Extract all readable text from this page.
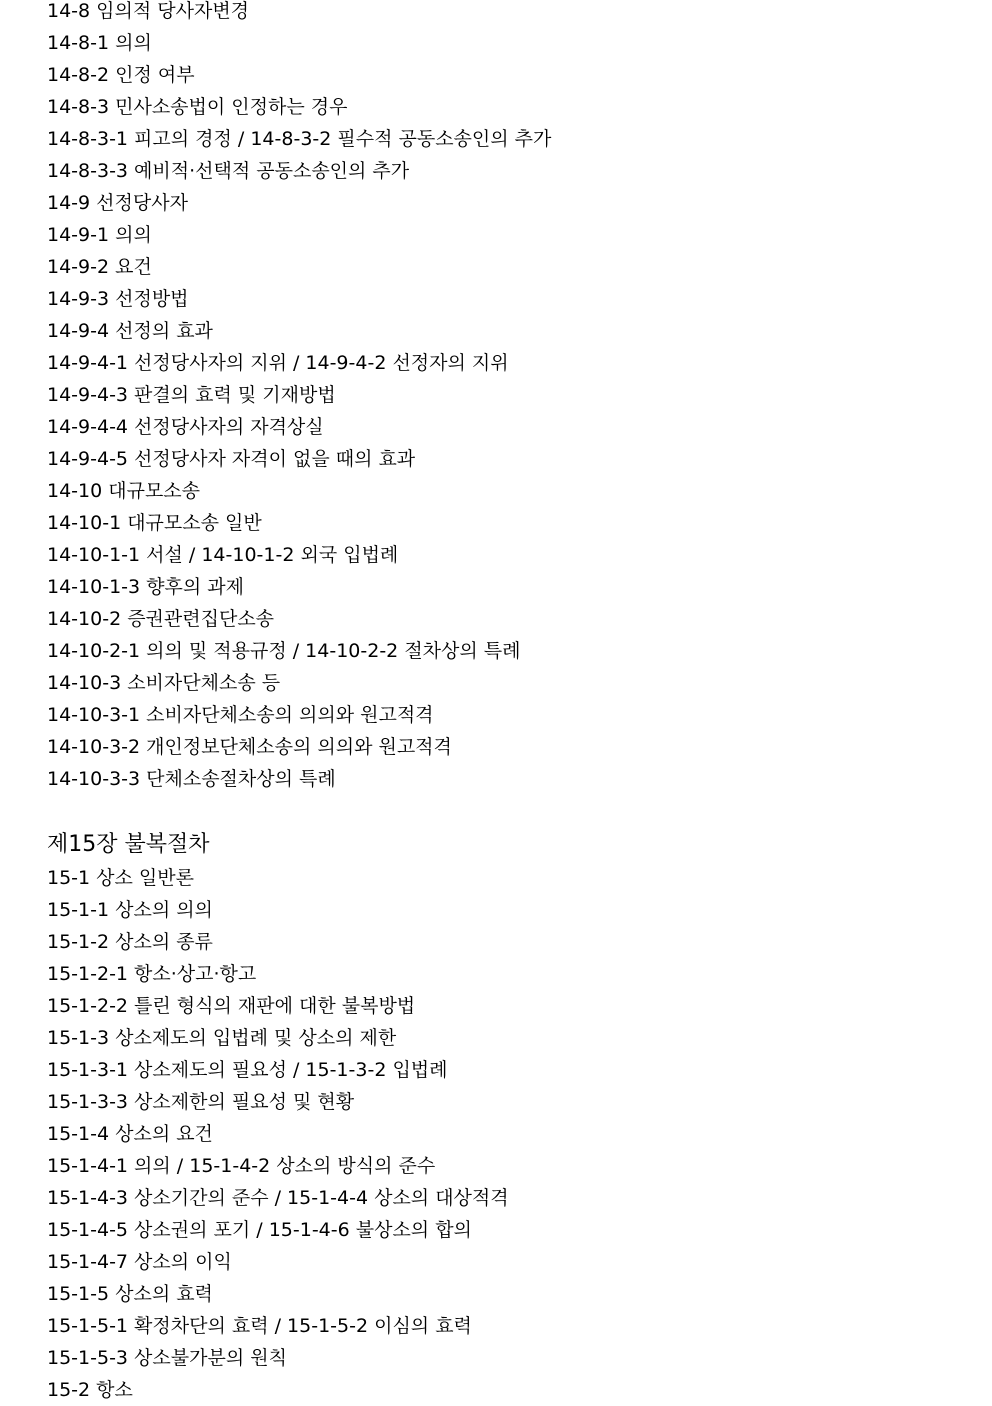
14-8 임의적 당사자변경
14-8-1 의의
14-8-2 인정 여부
14-8-3 민사소송법이 인정하는 경우
14-8-3-1 피고의 경정 / 14-8-3-2 필수적 공동소송인의 추가
14-8-3-3 예비적·선택적 공동소송인의 추가
14-9 선정당사자
14-9-1 의의
14-9-2 요건
14-9-3 선정방법
14-9-4 선정의 효과
14-9-4-1 선정당사자의 지위 / 14-9-4-2 선정자의 지위
14-9-4-3 판결의 효력 및 기재방법
14-9-4-4 선정당사자의 자격상실
14-9-4-5 선정당사자 자격이 없을 때의 효과
14-10 대규모소송
14-10-1 대규모소송 일반
14-10-1-1 서설 / 14-10-1-2 외국 입법례
14-10-1-3 향후의 과제
14-10-2 증권관련집단소송
14-10-2-1 의의 및 적용규정 / 14-10-2-2 절차상의 특례
14-10-3 소비자단체소송 등
14-10-3-1 소비자단체소송의 의의와 원고적격
14-10-3-2 개인정보단체소송의 의의와 원고적격
14-10-3-3 단체소송절차상의 특례
제15장 불복절차
15-1 상소 일반론
15-1-1 상소의 의의
15-1-2 상소의 종류
15-1-2-1 항소·상고·항고
15-1-2-2 틀린 형식의 재판에 대한 불복방법
15-1-3 상소제도의 입법례 및 상소의 제한
15-1-3-1 상소제도의 필요성 / 15-1-3-2 입법례
15-1-3-3 상소제한의 필요성 및 현황
15-1-4 상소의 요건
15-1-4-1 의의 / 15-1-4-2 상소의 방식의 준수
15-1-4-3 상소기간의 준수 / 15-1-4-4 상소의 대상적격
15-1-4-5 상소권의 포기 / 15-1-4-6 불상소의 합의
15-1-4-7 상소의 이익
15-1-5 상소의 효력
15-1-5-1 확정차단의 효력 / 15-1-5-2 이심의 효력
15-1-5-3 상소불가분의 원칙
15-2 항소
